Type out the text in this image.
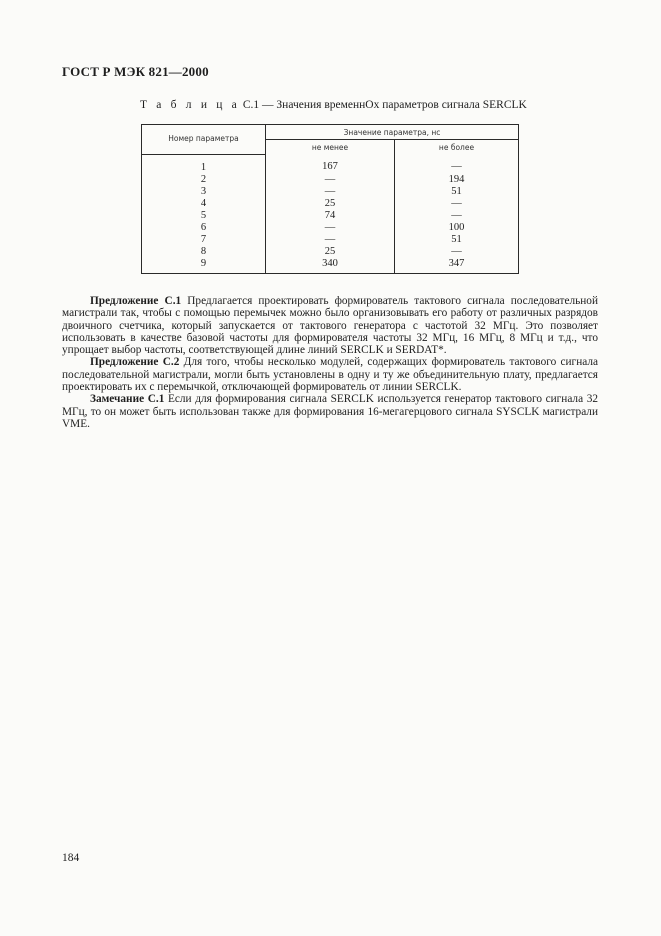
ГОСТ Р МЭК 821—2000
Т а б л и ц а C.1 — Значения временнОх параметров сигнала SERCLK
Номер параметра	Значение параметра, нс	
	не менее	не более
1	167	—
2	—	194
3	—	51
4	25	—
5	74	—
6	—	100
7	—	51
8	25	—
9	340	347

Предложение С.1 Предлагается проектировать формирователь тактового сигнала последовательной магистрали так, чтобы с помощью перемычек можно было организовывать его работу от различных разрядов двоичного счетчика, который запускается от тактового генератора с частотой 32 МГц. Это позволяет использовать в качестве базовой частоты для формирователя частоты 32 МГц, 16 МГц, 8 МГц и т.д., что упрощает выбор частоты, соответствующей длине линий SERCLK и SERDAT*.

Предложение С.2 Для того, чтобы несколько модулей, содержащих формирователь тактового сигнала последовательной магистрали, могли быть установлены в одну и ту же объединительную плату, предлагается проектировать их с перемычкой, отключающей формирователь от линии SERCLK.

Замечание С.1 Если для формирования сигнала SERCLK используется генератор тактового сигнала 32 МГц, то он может быть использован также для формирования 16-мегагерцового сигнала SYSCLK магистрали VME.

184
